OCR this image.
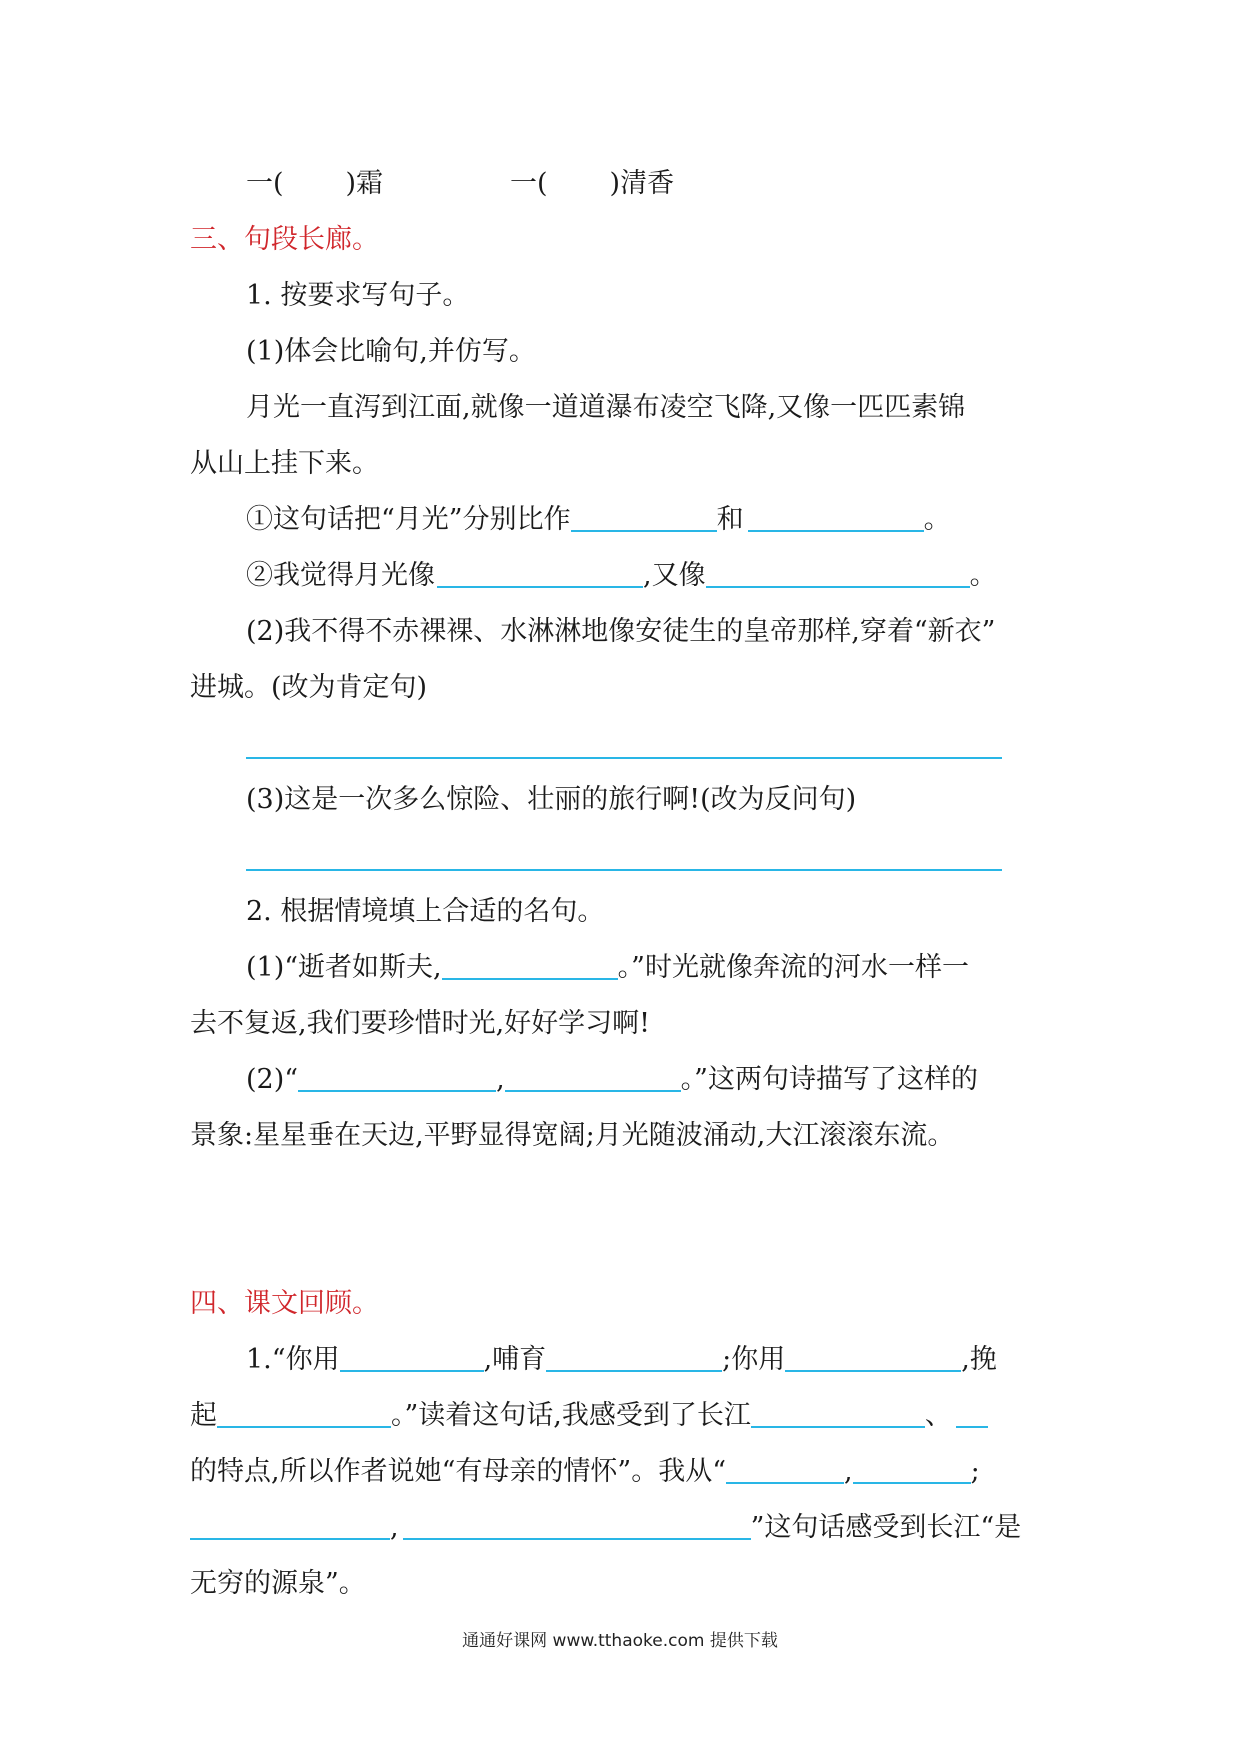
一( )霜	一( )清香
三、句段长廊。
1. 按要求写句子。
(1)体会比喻句,并仿写。
月光一直泻到江面,就像一道道瀑布凌空飞降,又像一匹匹素锦
从山上挂下来。
①这句话把“月光”分别比作	和	。
②我觉得月光像	,又像	。
(2)我不得不赤裸裸、水淋淋地像安徒生的皇帝那样,穿着“新衣”
进城。(改为肯定句)
(3)这是一次多么惊险、壮丽的旅行啊!(改为反问句)
2. 根据情境填上合适的名句。
(1)“逝者如斯夫,	。”时光就像奔流的河水一样一
去不复返,我们要珍惜时光,好好学习啊!
(2)“	,	。”这两句诗描写了这样的
景象:星星垂在天边,平野显得宽阔;月光随波涌动,大江滚滚东流。
四、课文回顾。
1.“你用	,哺育	;你用	,挽
起	。”读着这句话,我感受到了长江	、
的特点,所以作者说她“有母亲的情怀”。我从“	,	;
,	”这句话感受到长江“是
无穷的源泉”。
通通好课网 www.tthaoke.com 提供下载
